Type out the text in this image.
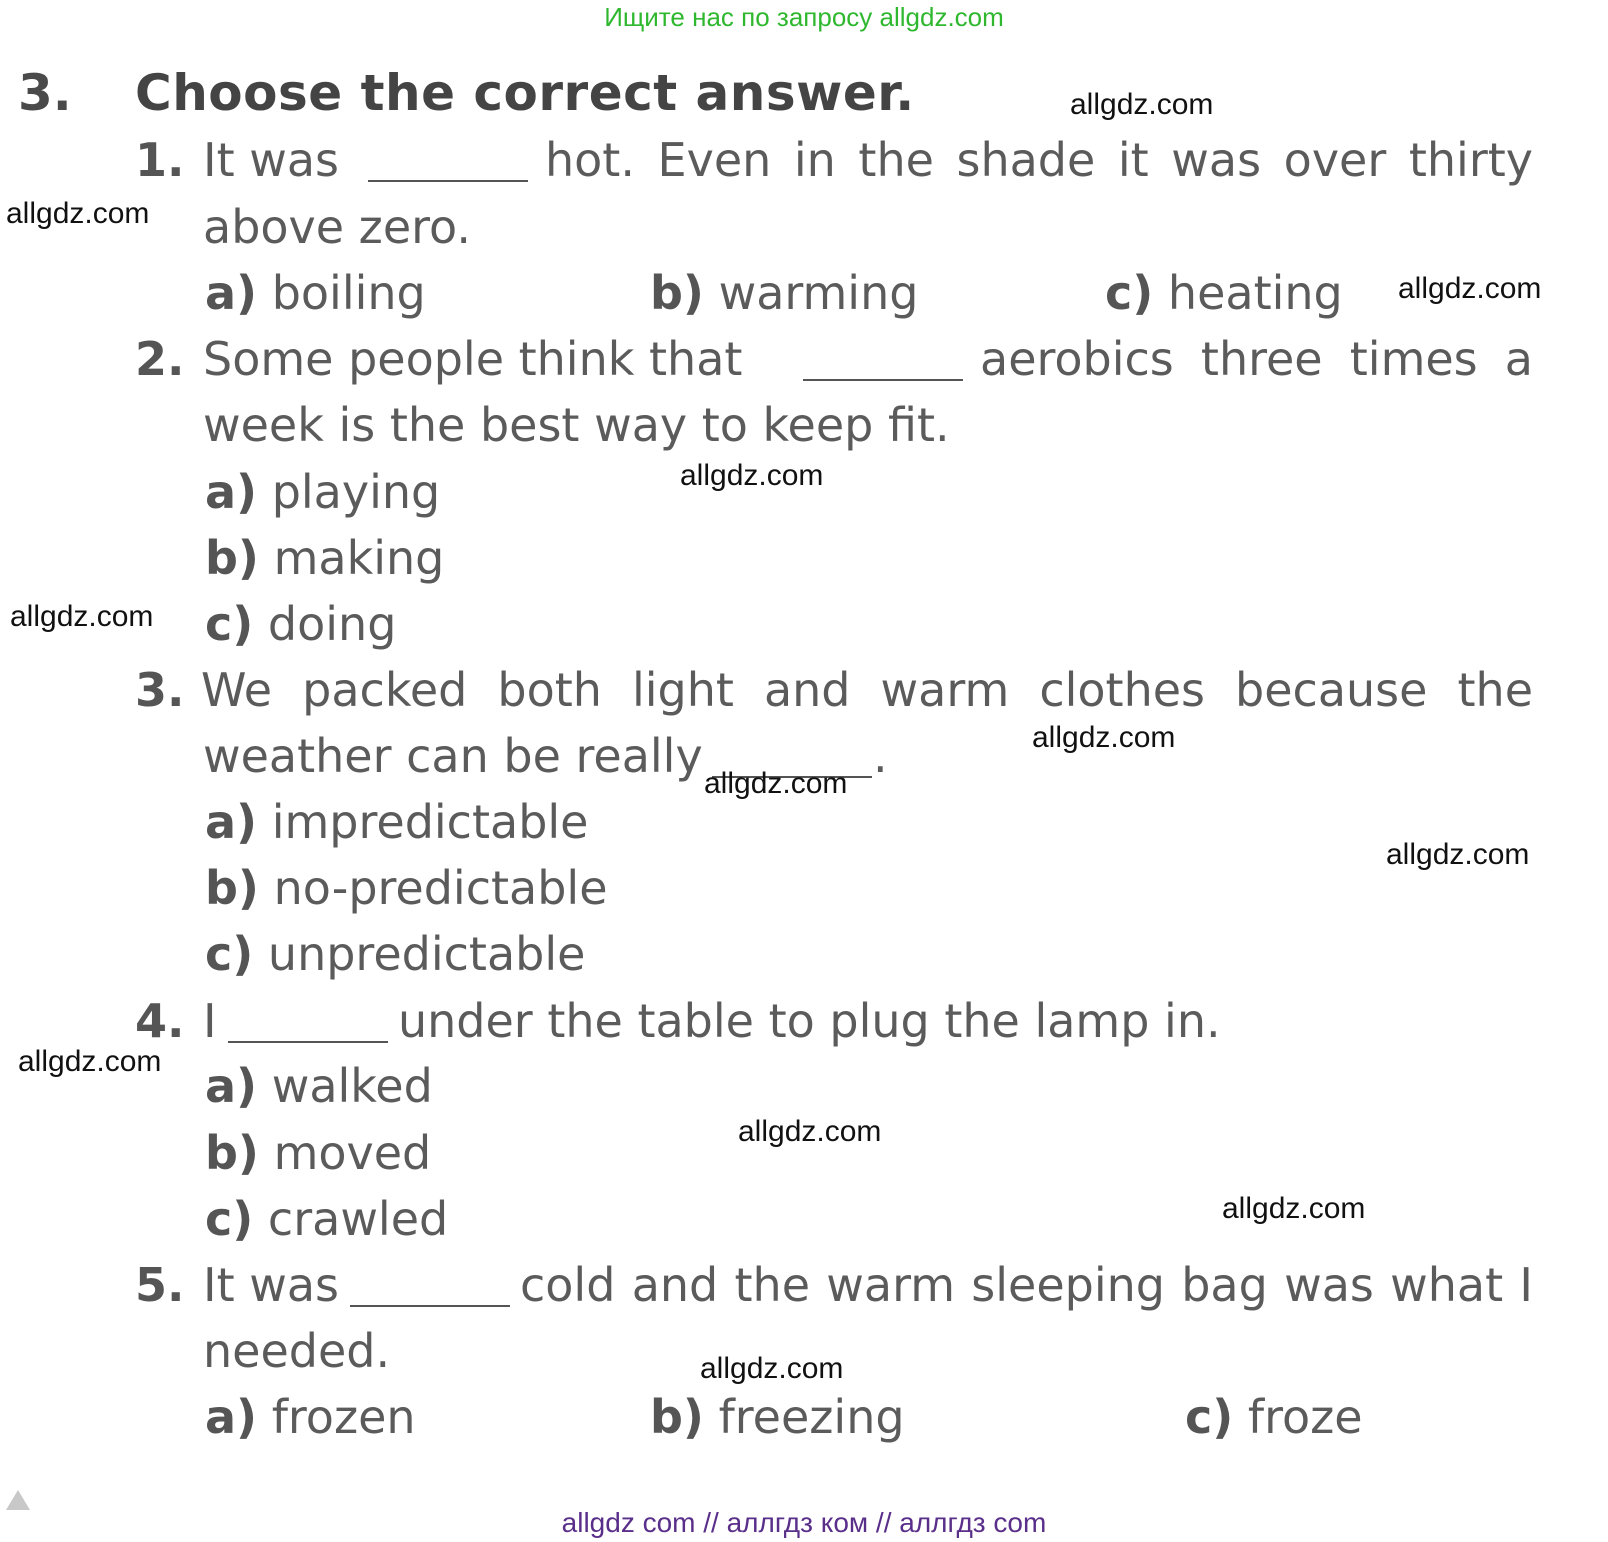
Ищите нас по запросу allgdz.com
3. Choose the correct answer.
1. It was	hot. Even in the shade it was over thirty
above zero.
a) boiling	b) warming	c) heating
2. Some people think that	aerobics three times a
week is the best way to keep fit.
a) playing
b) making
c) doing
3. We packed both light and warm clothes because the
weather can be really	.
a) impredictable
b) no-predictable
c) unpredictable
4. I	under the table to plug the lamp in.
a) walked
b) moved
c) crawled
5. It was	cold and the warm sleeping bag was what I
needed.
a) frozen	b) freezing	c) froze
allgdz.com
allgdz.com
allgdz.com
allgdz.com
allgdz.com
allgdz.com
allgdz.com
allgdz.com
allgdz.com
allgdz.com
allgdz.com
allgdz.com
allgdz com // аллгдз ком // аллгдз com
